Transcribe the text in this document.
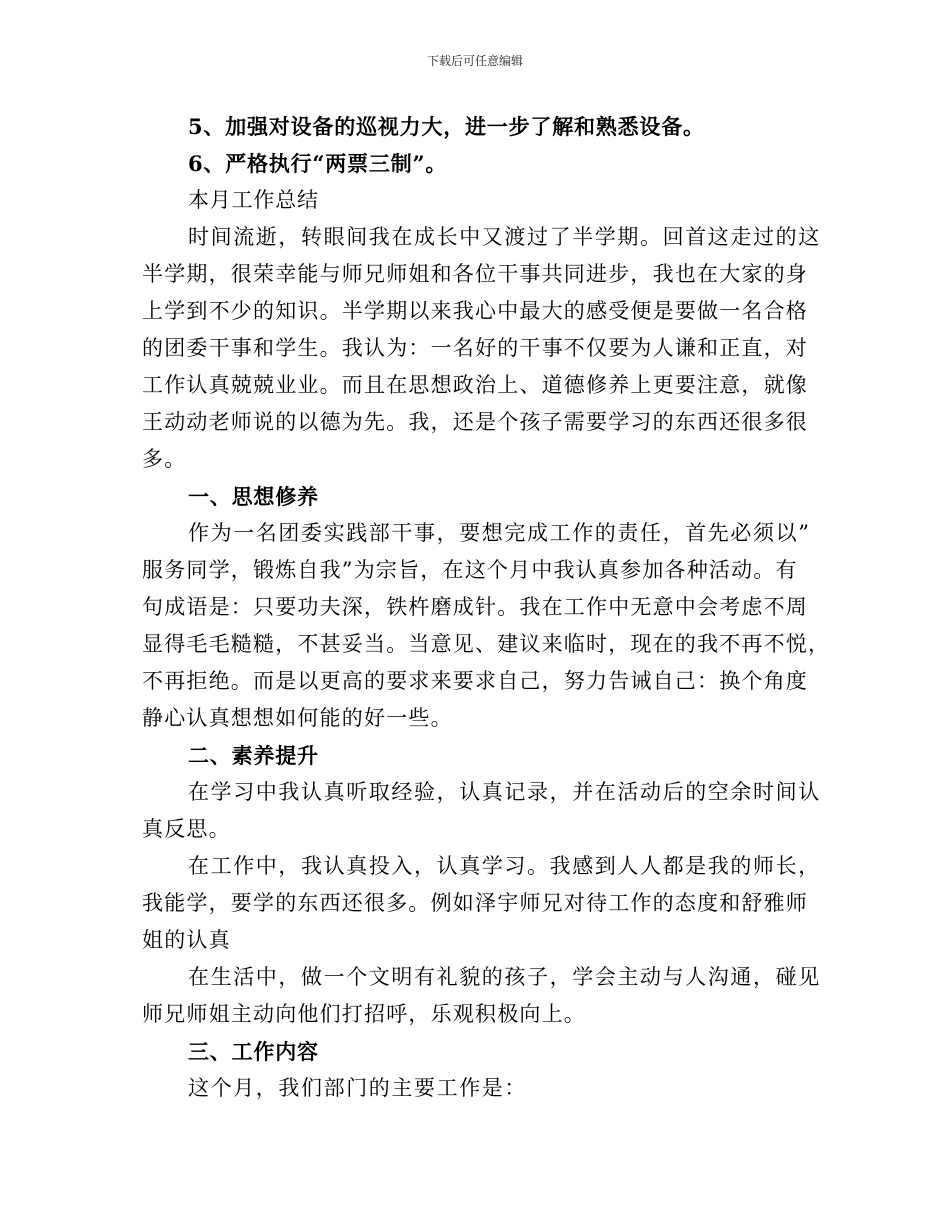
下载后可任意编辑
5、加强对设备的巡视力大，进一步了解和熟悉设备。
6、严格执行“两票三制”。
本月工作总结
时间流逝，转眼间我在成长中又渡过了半学期。回首这走过的这
半学期，很荣幸能与师兄师姐和各位干事共同进步，我也在大家的身
上学到不少的知识。半学期以来我心中最大的感受便是要做一名合格
的团委干事和学生。我认为：一名好的干事不仅要为人谦和正直，对
工作认真兢兢业业。而且在思想政治上、道德修养上更要注意，就像
王动动老师说的以德为先。我，还是个孩子需要学习的东西还很多很
多。
一、思想修养
作为一名团委实践部干事，要想完成工作的责任，首先必须以”
服务同学，锻炼自我”为宗旨，在这个月中我认真参加各种活动。有
句成语是：只要功夫深，铁杵磨成针。我在工作中无意中会考虑不周
显得毛毛糙糙，不甚妥当。当意见、建议来临时，现在的我不再不悦，
不再拒绝。而是以更高的要求来要求自己，努力告诫自己：换个角度
静心认真想想如何能的好一些。
二、素养提升
在学习中我认真听取经验，认真记录，并在活动后的空余时间认
真反思。
在工作中，我认真投入，认真学习。我感到人人都是我的师长，
我能学，要学的东西还很多。例如泽宇师兄对待工作的态度和舒雅师
姐的认真
在生活中，做一个文明有礼貌的孩子，学会主动与人沟通，碰见
师兄师姐主动向他们打招呼，乐观积极向上。
三、工作内容
这个月，我们部门的主要工作是：
